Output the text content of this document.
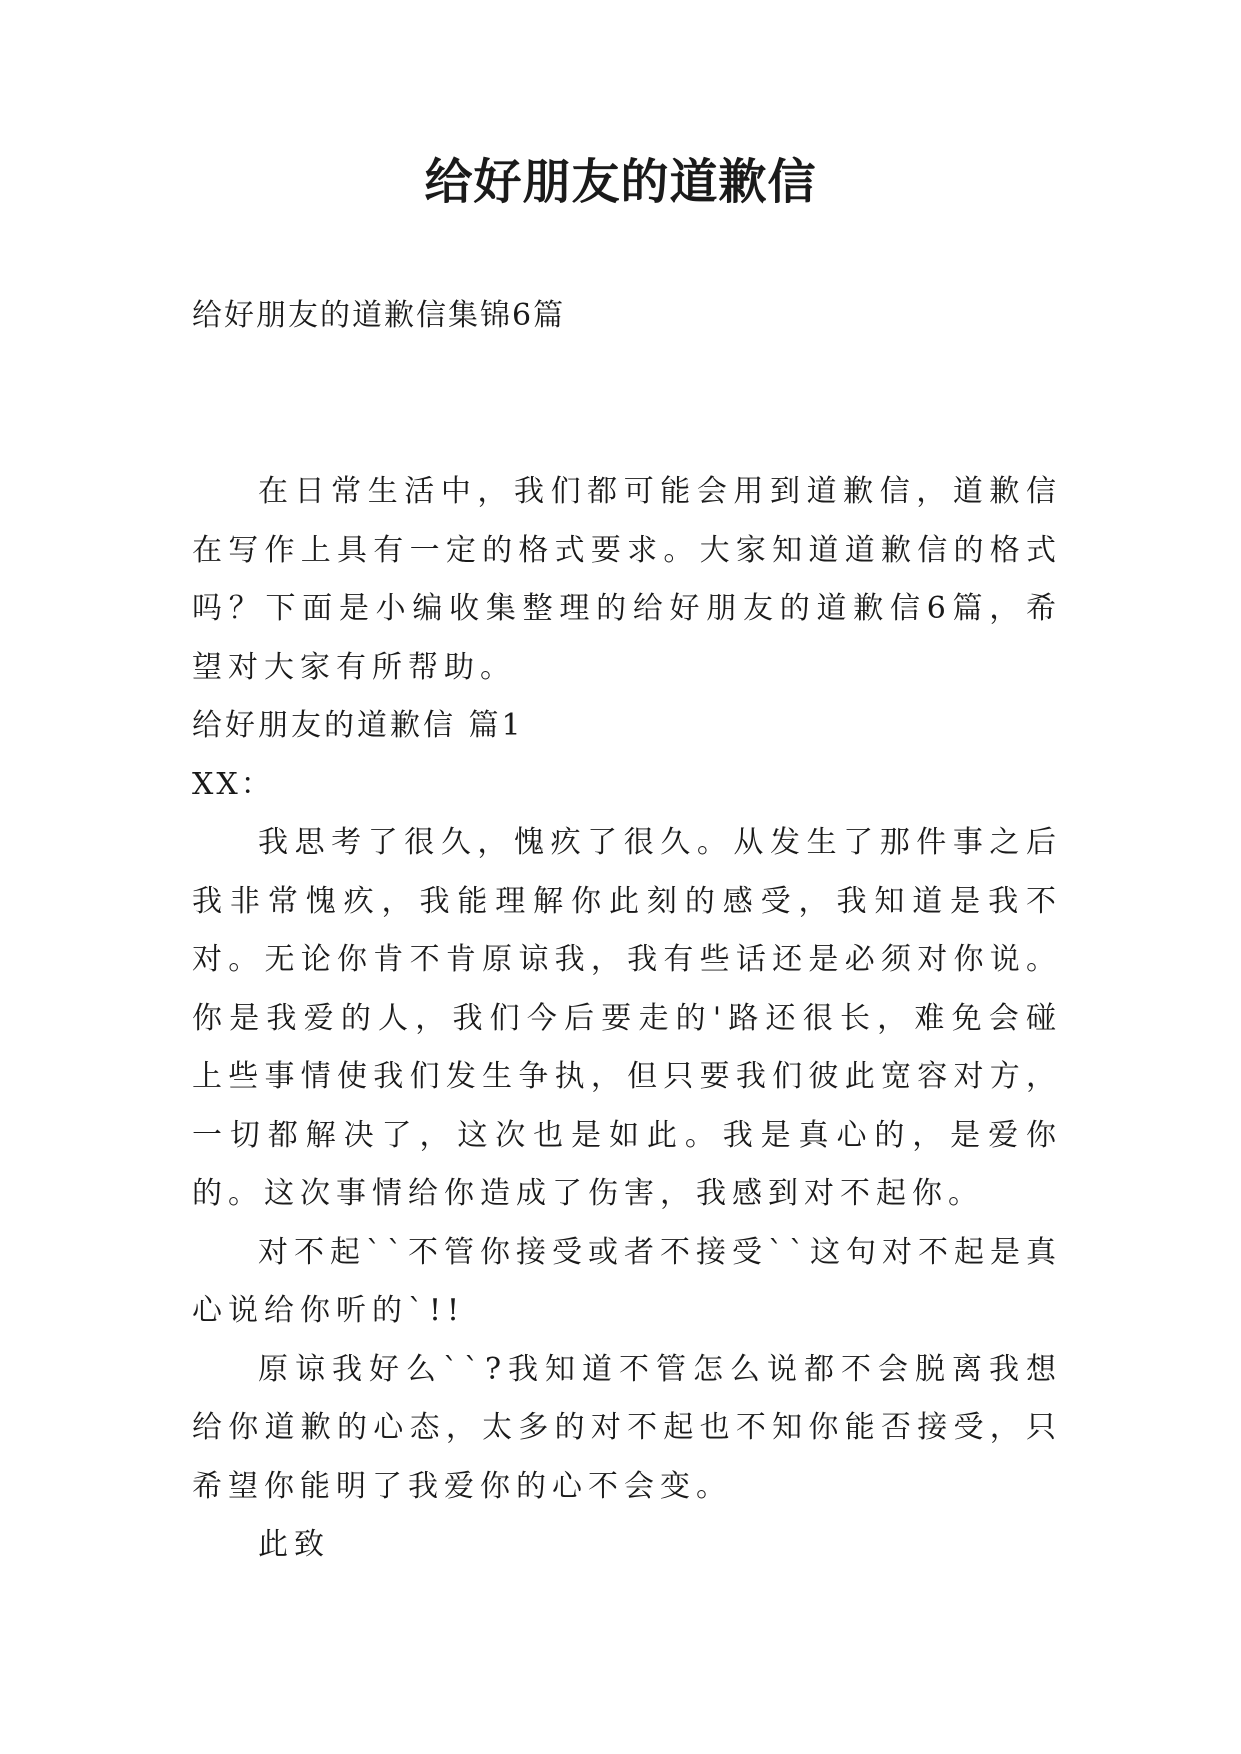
给好朋友的道歉信

给好朋友的道歉信集锦6篇

在日常生活中，我们都可能会用到道歉信，道歉信在写作上具有一定的格式要求。大家知道道歉信的格式吗？下面是小编收集整理的给好朋友的道歉信6篇，希望对大家有所帮助。

给好朋友的道歉信 篇1

XX：

我思考了很久，愧疚了很久。从发生了那件事之后我非常愧疚，我能理解你此刻的感受，我知道是我不对。无论你肯不肯原谅我，我有些话还是必须对你说。你是我爱的人，我们今后要走的'路还很长，难免会碰上些事情使我们发生争执，但只要我们彼此宽容对方，一切都解决了，这次也是如此。我是真心的，是爱你的。这次事情给你造成了伤害，我感到对不起你。

对不起``不管你接受或者不接受``这句对不起是真心说给你听的`!!

原谅我好么``?我知道不管怎么说都不会脱离我想给你道歉的心态，太多的对不起也不知你能否接受，只希望你能明了我爱你的心不会变。

此致
